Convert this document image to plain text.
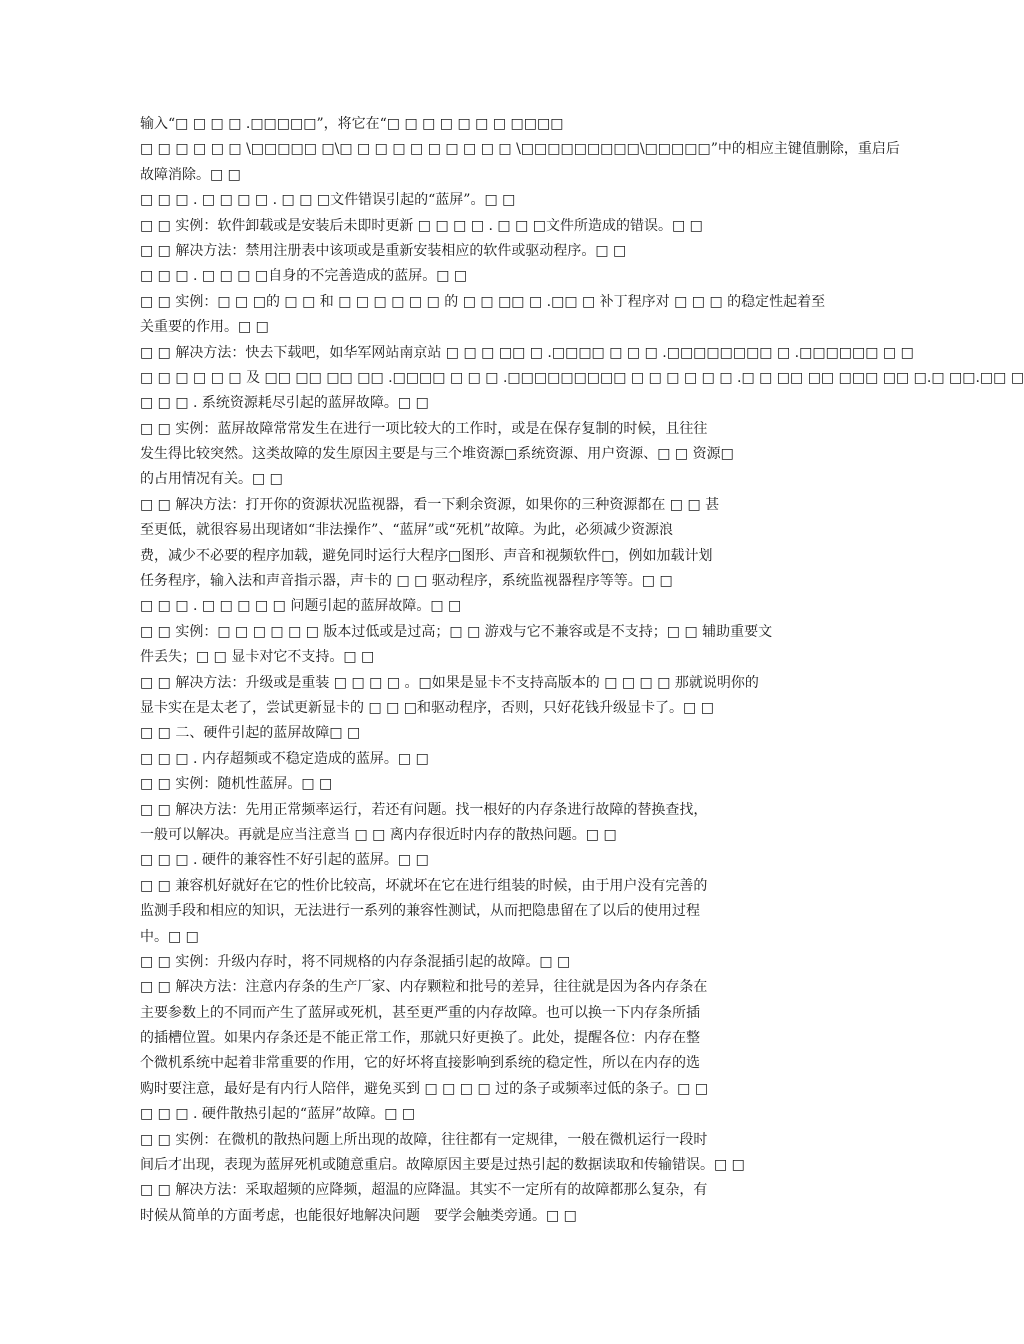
输入“□ □ □ □ .□□□□□”，将它在“□ □ □ □ □ □ □ □□□□
□ □ □ □ □ □ \□□□□□ □\□ □ □ □ □ □ □ □ □ □ \□□□□□□□□□\□□□□□”中的相应主键值删除，重启后
故障消除。□ □
□ □ □ . □ □ □ □ . □ □ □文件错误引起的“蓝屏”。□ □
□ □ 实例：软件卸载或是安装后未即时更新 □ □ □ □ . □ □ □文件所造成的错误。□ □
□ □ 解决方法：禁用注册表中该项或是重新安装相应的软件或驱动程序。□ □
□ □ □ . □ □ □ □自身的不完善造成的蓝屏。□ □
□ □ 实例：□ □ □的 □ □ 和 □ □ □ □ □ □ 的 □ □ □□ □ .□□ □ 补丁程序对 □ □ □ 的稳定性起着至
关重要的作用。□ □
□ □ 解决方法：快去下载吧，如华军网站南京站 □ □ □ □□ □ .□□□□ □ □ □ .□□□□□□□□ □ .□□□□□□ □ □
□ □ □ □ □ □ 及 □□ □□ □□ □□ .□□□□ □ □ □ .□□□□□□□□□ □ □ □ □ □ □ .□ □ □□ □□ □□□ □□ □.□ □□.□□ □
□ □ □ . 系统资源耗尽引起的蓝屏故障。□ □
□ □ 实例：蓝屏故障常常发生在进行一项比较大的工作时，或是在保存复制的时候，且往往
发生得比较突然。这类故障的发生原因主要是与三个堆资源□系统资源、用户资源、□ □ 资源□
的占用情况有关。□ □
□ □ 解决方法：打开你的资源状况监视器，看一下剩余资源，如果你的三种资源都在 □ □ 甚
至更低，就很容易出现诸如“非法操作”、“蓝屏”或“死机”故障。为此，必须减少资源浪
费，减少不必要的程序加载，避免同时运行大程序□图形、声音和视频软件□，例如加载计划
任务程序，输入法和声音指示器，声卡的 □ □ 驱动程序，系统监视器程序等等。□ □
□ □ □ . □ □ □ □ □ 问题引起的蓝屏故障。□ □
□ □ 实例：□ □ □ □ □ □ 版本过低或是过高；□ □ 游戏与它不兼容或是不支持；□ □ 辅助重要文
件丢失；□ □ 显卡对它不支持。□ □
□ □ 解决方法：升级或是重装 □ □ □ □ 。□如果是显卡不支持高版本的 □ □ □ □ 那就说明你的
显卡实在是太老了，尝试更新显卡的 □ □ □和驱动程序，否则，只好花钱升级显卡了。□ □
□ □ 二、硬件引起的蓝屏故障□ □
□ □ □ . 内存超频或不稳定造成的蓝屏。□ □
□ □ 实例：随机性蓝屏。□ □
□ □ 解决方法：先用正常频率运行，若还有问题。找一根好的内存条进行故障的替换查找，
一般可以解决。再就是应当注意当 □ □ 离内存很近时内存的散热问题。□ □
□ □ □ . 硬件的兼容性不好引起的蓝屏。□ □
□ □ 兼容机好就好在它的性价比较高，坏就坏在它在进行组装的时候，由于用户没有完善的
监测手段和相应的知识，无法进行一系列的兼容性测试，从而把隐患留在了以后的使用过程
中。□ □
□ □ 实例：升级内存时，将不同规格的内存条混插引起的故障。□ □
□ □ 解决方法：注意内存条的生产厂家、内存颗粒和批号的差异，往往就是因为各内存条在
主要参数上的不同而产生了蓝屏或死机，甚至更严重的内存故障。也可以换一下内存条所插
的插槽位置。如果内存条还是不能正常工作，那就只好更换了。此处，提醒各位：内存在整
个微机系统中起着非常重要的作用，它的好坏将直接影响到系统的稳定性，所以在内存的选
购时要注意，最好是有内行人陪伴，避免买到 □ □ □ □ 过的条子或频率过低的条子。□ □
□ □ □ . 硬件散热引起的“蓝屏”故障。□ □
□ □ 实例：在微机的散热问题上所出现的故障，往往都有一定规律，一般在微机运行一段时
间后才出现，表现为蓝屏死机或随意重启。故障原因主要是过热引起的数据读取和传输错误。□ □
□ □ 解决方法：采取超频的应降频，超温的应降温。其实不一定所有的故障都那么复杂，有
时候从简单的方面考虑，也能很好地解决问题　要学会触类旁通。□ □
